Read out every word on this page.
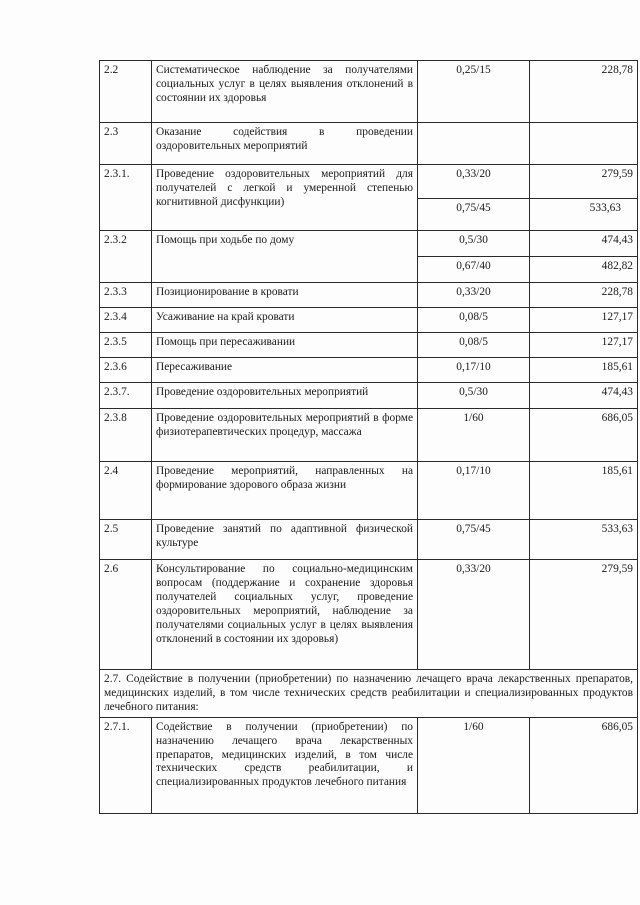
2.2	Систематическое наблюдение за получателями социальных услуг в целях выявления отклонений в состоянии их здоровья	0,25/15	228,78
2.3	Оказание содействия в проведении оздоровительных мероприятий		
2.3.1.	Проведение оздоровительных мероприятий для получателей с легкой и умеренной степенью когнитивной дисфункции)	0,33/20	279,59
		0,75/45	533,63
2.3.2	Помощь при ходьбе по дому	0,5/30	474,43
		0,67/40	482,82
2.3.3	Позиционирование в кровати	0,33/20	228,78
2.3.4	Усаживание на край кровати	0,08/5	127,17
2.3.5	Помощь при пересаживании	0,08/5	127,17
2.3.6	Пересаживание	0,17/10	185,61
2.3.7.	Проведение оздоровительных мероприятий	0,5/30	474,43
2.3.8	Проведение оздоровительных мероприятий в форме физиотерапевтических процедур, массажа	1/60	686,05
2.4	Проведение мероприятий, направленных на формирование здорового образа жизни	0,17/10	185,61
2.5	Проведение занятий по адаптивной физической культуре	0,75/45	533,63
2.6	Консультирование по социально-медицинским вопросам (поддержание и сохранение здоровья получателей социальных услуг, проведение оздоровительных мероприятий, наблюдение за получателями социальных услуг в целях выявления отклонений в состоянии их здоровья)	0,33/20	279,59
2.7. Содействие в получении (приобретении) по назначению лечащего врача лекарственных препаратов, медицинских изделий, в том числе технических средств реабилитации и специализированных продуктов лечебного питания:			
2.7.1.	Содействие в получении (приобретении) по назначению лечащего врача лекарственных препаратов, медицинских изделий, в том числе технических средств реабилитации, и специализированных продуктов лечебного питания	1/60	686,05
